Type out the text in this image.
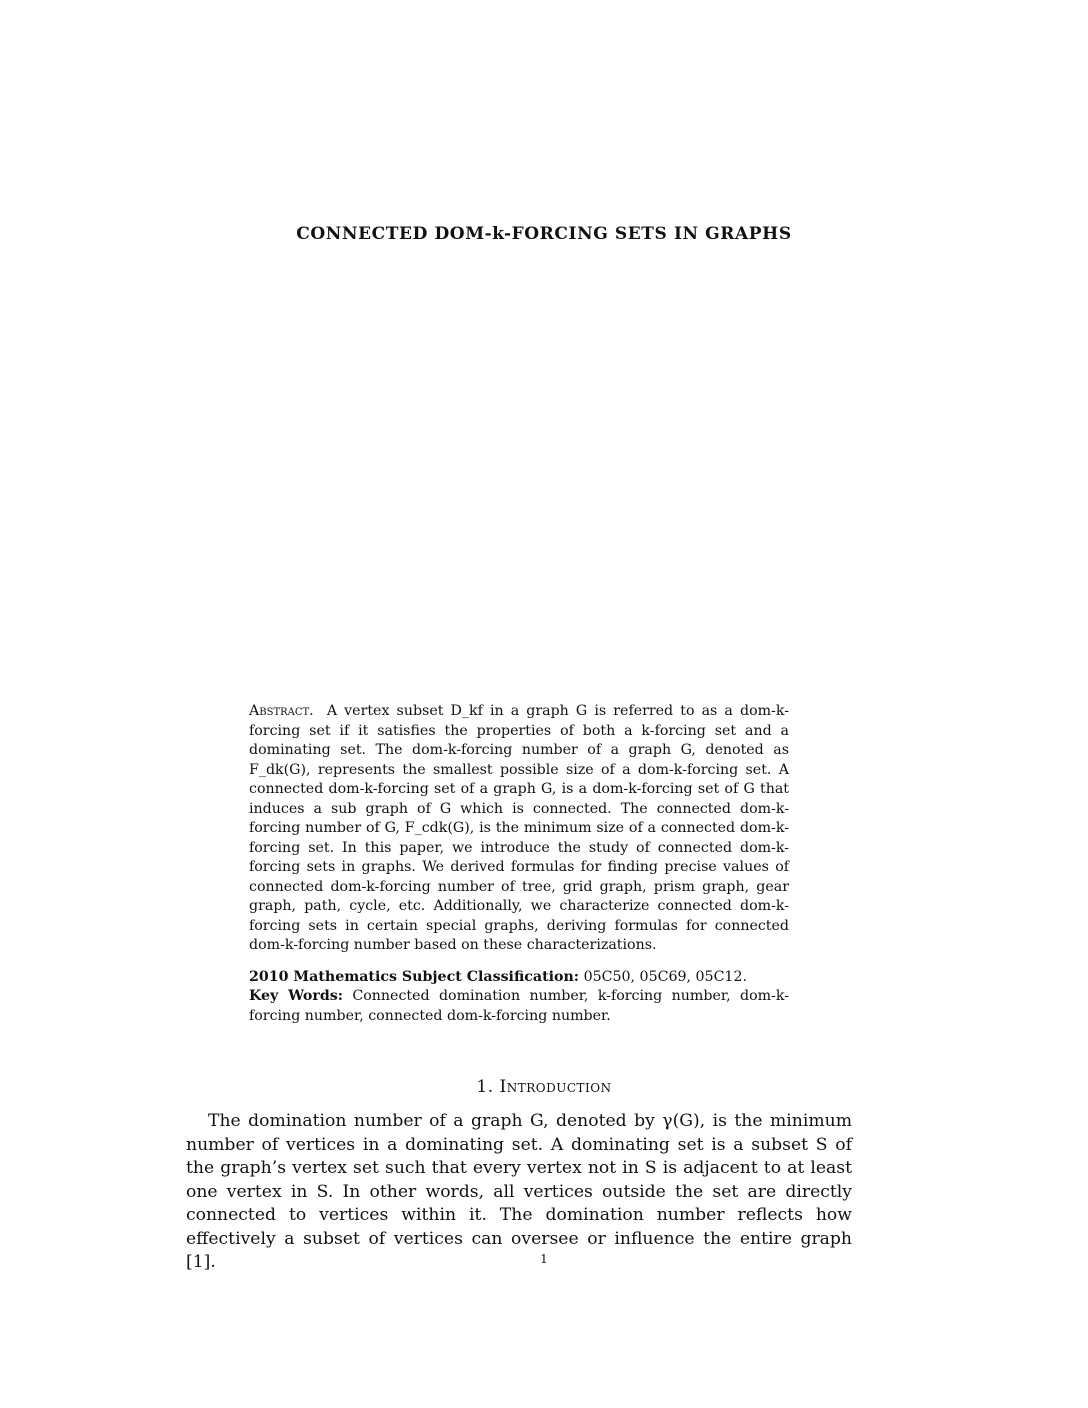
CONNECTED DOM-k-FORCING SETS IN GRAPHS
Abstract. A vertex subset D_kf in a graph G is referred to as a dom-k-forcing set if it satisfies the properties of both a k-forcing set and a dominating set. The dom-k-forcing number of a graph G, denoted as F_dk(G), represents the smallest possible size of a dom-k-forcing set. A connected dom-k-forcing set of a graph G, is a dom-k-forcing set of G that induces a sub graph of G which is connected. The connected dom-k-forcing number of G, F_cdk(G), is the minimum size of a connected dom-k-forcing set. In this paper, we introduce the study of connected dom-k-forcing sets in graphs. We derived formulas for finding precise values of connected dom-k-forcing number of tree, grid graph, prism graph, gear graph, path, cycle, etc. Additionally, we characterize connected dom-k-forcing sets in certain special graphs, deriving formulas for connected dom-k-forcing number based on these characterizations.
2010 Mathematics Subject Classification: 05C50, 05C69, 05C12.
Key Words: Connected domination number, k-forcing number, dom-k-forcing number, connected dom-k-forcing number.
1. Introduction
The domination number of a graph G, denoted by γ(G), is the minimum number of vertices in a dominating set. A dominating set is a subset S of the graph’s vertex set such that every vertex not in S is adjacent to at least one vertex in S. In other words, all vertices outside the set are directly connected to vertices within it. The domination number reflects how effectively a subset of vertices can oversee or influence the entire graph [1].	1
